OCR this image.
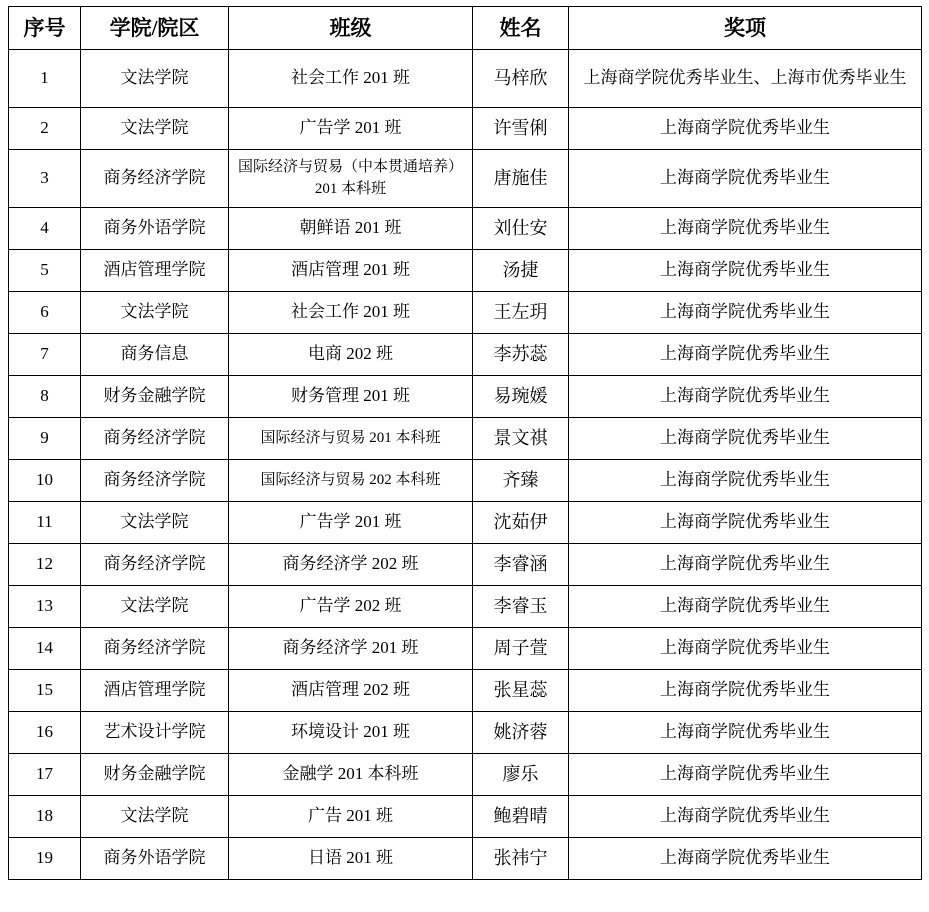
序号	学院/院区	班级	姓名	奖项
1	文法学院	社会工作 201 班	马梓欣	上海商学院优秀毕业生、上海市优秀毕业生
2	文法学院	广告学 201 班	许雪俐	上海商学院优秀毕业生
3	商务经济学院	国际经济与贸易（中本贯通培养）201 本科班	唐施佳	上海商学院优秀毕业生
4	商务外语学院	朝鲜语 201 班	刘仕安	上海商学院优秀毕业生
5	酒店管理学院	酒店管理 201 班	汤捷	上海商学院优秀毕业生
6	文法学院	社会工作 201 班	王左玥	上海商学院优秀毕业生
7	商务信息	电商 202 班	李苏蕊	上海商学院优秀毕业生
8	财务金融学院	财务管理 201 班	易琬媛	上海商学院优秀毕业生
9	商务经济学院	国际经济与贸易 201 本科班	景文祺	上海商学院优秀毕业生
10	商务经济学院	国际经济与贸易 202 本科班	齐臻	上海商学院优秀毕业生
11	文法学院	广告学 201 班	沈茹伊	上海商学院优秀毕业生
12	商务经济学院	商务经济学 202 班	李睿涵	上海商学院优秀毕业生
13	文法学院	广告学 202 班	李睿玉	上海商学院优秀毕业生
14	商务经济学院	商务经济学 201 班	周子萱	上海商学院优秀毕业生
15	酒店管理学院	酒店管理 202 班	张星蕊	上海商学院优秀毕业生
16	艺术设计学院	环境设计 201 班	姚济蓉	上海商学院优秀毕业生
17	财务金融学院	金融学 201 本科班	廖乐	上海商学院优秀毕业生
18	文法学院	广告 201 班	鲍碧晴	上海商学院优秀毕业生
19	商务外语学院	日语 201 班	张祎宁	上海商学院优秀毕业生
